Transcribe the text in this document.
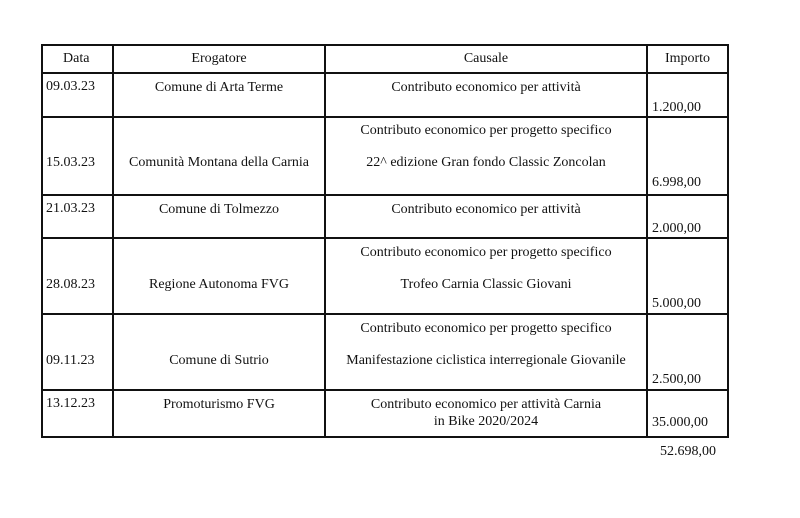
Data	Erogatore	Causale	Importo

09.03.23	Comune di Arta Terme	Contributo economico per attività	1.200,00

15.03.23	Comunità Montana della Carnia	Contributo economico per progetto specifico
22^ edizione Gran fondo Classic Zoncolan	6.998,00

21.03.23	Comune di Tolmezzo	Contributo economico per attività	2.000,00

28.08.23	Regione Autonoma FVG	Contributo economico per progetto specifico
Trofeo Carnia Classic Giovani	5.000,00

09.11.23	Comune di Sutrio	Contributo economico per progetto specifico
Manifestazione ciclistica interregionale Giovanile	2.500,00

13.12.23	Promoturismo FVG	Contributo economico per attività Carnia
in Bike 2020/2024	35.000,00
52.698,00
